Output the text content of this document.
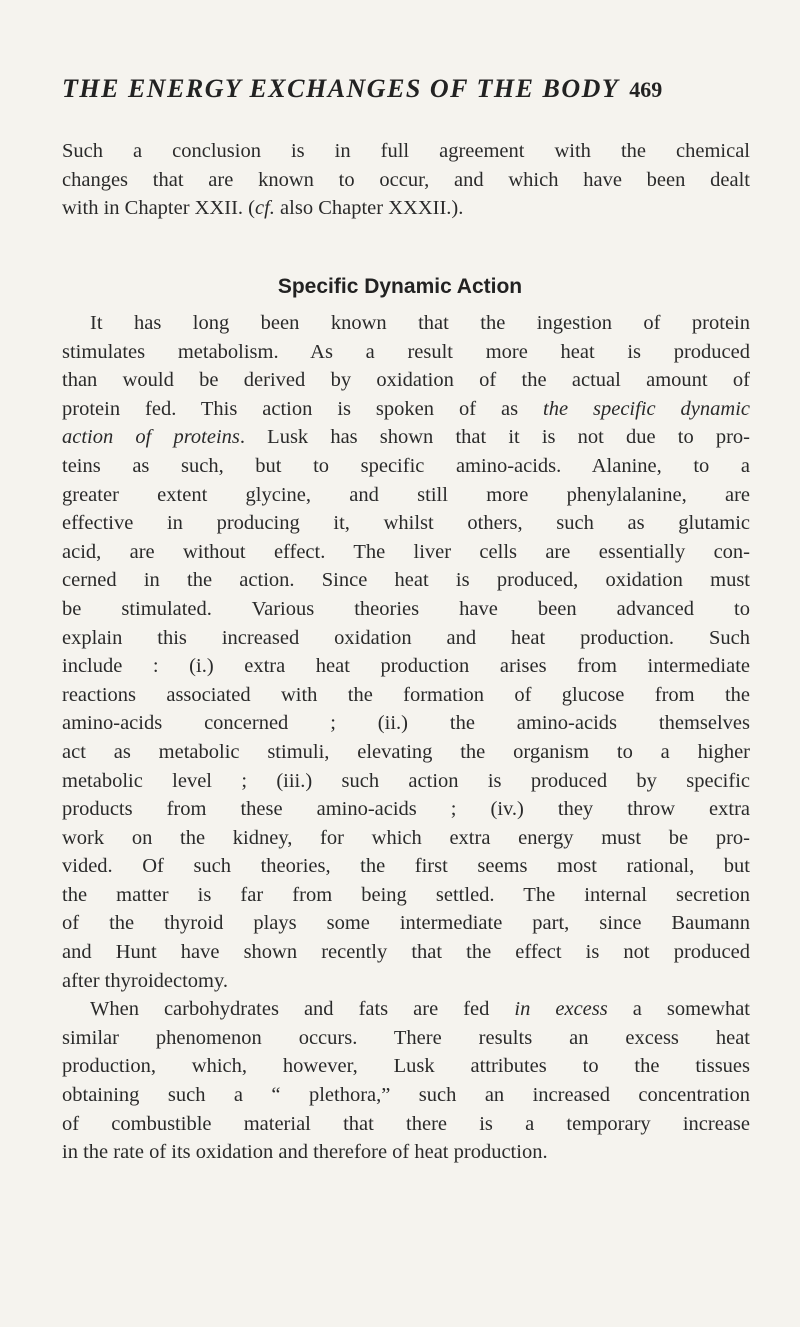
THE ENERGY EXCHANGES OF THE BODY 469
Such a conclusion is in full agreement with the chemical
changes that are known to occur, and which have been dealt
with in Chapter XXII. (cf. also Chapter XXXII.).
Specific Dynamic Action
It has long been known that the ingestion of protein
stimulates metabolism. As a result more heat is produced
than would be derived by oxidation of the actual amount of
protein fed. This action is spoken of as the specific dynamic
action of proteins. Lusk has shown that it is not due to pro-
teins as such, but to specific amino-acids. Alanine, to a
greater extent glycine, and still more phenylalanine, are
effective in producing it, whilst others, such as glutamic
acid, are without effect. The liver cells are essentially con-
cerned in the action. Since heat is produced, oxidation must
be stimulated. Various theories have been advanced to
explain this increased oxidation and heat production. Such
include : (i.) extra heat production arises from intermediate
reactions associated with the formation of glucose from the
amino-acids concerned ; (ii.) the amino-acids themselves
act as metabolic stimuli, elevating the organism to a higher
metabolic level ; (iii.) such action is produced by specific
products from these amino-acids ; (iv.) they throw extra
work on the kidney, for which extra energy must be pro-
vided. Of such theories, the first seems most rational, but
the matter is far from being settled. The internal secretion
of the thyroid plays some intermediate part, since Baumann
and Hunt have shown recently that the effect is not produced
after thyroidectomy.
When carbohydrates and fats are fed in excess a somewhat
similar phenomenon occurs. There results an excess heat
production, which, however, Lusk attributes to the tissues
obtaining such a “ plethora,” such an increased concentration
of combustible material that there is a temporary increase
in the rate of its oxidation and therefore of heat production.
